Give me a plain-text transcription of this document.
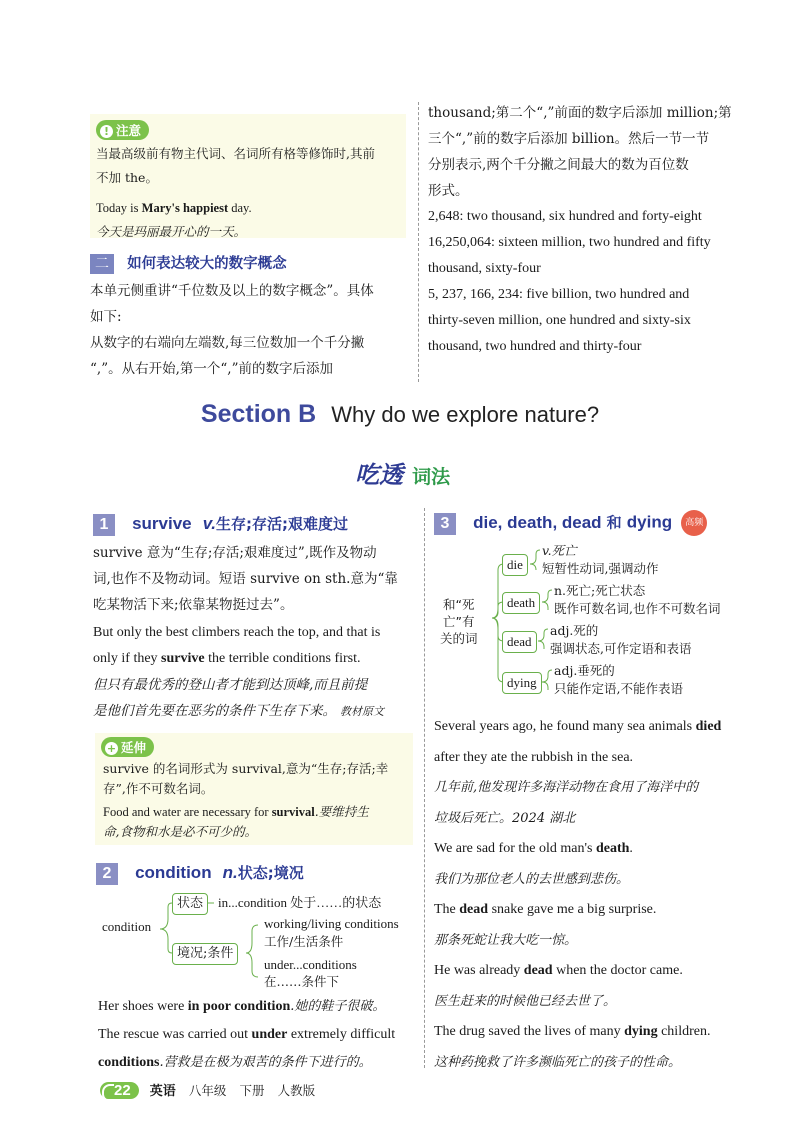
! 注意
当最高级前有物主代词、名词所有格等修饰时,其前
不加 the。
Today is Mary's happiest day.
今天是玛丽最开心的一天。
二 如何表达较大的数字概念
本单元侧重讲“千位数及以上的数字概念”。具体
如下:
从数字的右端向左端数,每三位数加一个千分撇
“,”。从右开始,第一个“,”前的数字后添加
thousand;第二个“,”前面的数字后添加 million;第
三个“,”前的数字后添加 billion。然后一节一节
分别表示,两个千分撇之间最大的数为百位数
形式。
2,648: two thousand, six hundred and forty-eight
16,250,064: sixteen million, two hundred and fifty
thousand, sixty-four
5, 237, 166, 234: five billion, two hundred and
thirty-seven million, one hundred and sixty-six
thousand, two hundred and thirty-four
Section B Why do we explore nature?
吃透 词法
1 survive v.生存;存活;艰难度过
survive 意为“生存;存活;艰难度过”,既作及物动
词,也作不及物动词。短语 survive on sth.意为“靠
吃某物活下来;依靠某物挺过去”。
But only the best climbers reach the top, and that is
only if they survive the terrible conditions first.
但只有最优秀的登山者才能到达顶峰,而且前提
是他们首先要在恶劣的条件下生存下来。 教材原文
+ 延伸
survive 的名词形式为 survival,意为“生存;存活;幸
存”,作不可数名词。
Food and water are necessary for survival.要维持生
命,食物和水是必不可少的。
2 condition n.状态;境况
condition
状态	in...condition 处于……的状态
境况;条件
working/living conditions
工作/生活条件
under...conditions
在……条件下
Her shoes were in poor condition.她的鞋子很破。
The rescue was carried out under extremely difficult
conditions.营救是在极为艰苦的条件下进行的。
3 die, death, dead 和 dying 高频
和“死
亡”有
关的词
die
v.死亡
短暂性动词,强调动作
death
n.死亡;死亡状态
既作可数名词,也作不可数名词
dead
adj.死的
强调状态,可作定语和表语
dying
adj.垂死的
只能作定语,不能作表语
Several years ago, he found many sea animals died
after they ate the rubbish in the sea.
几年前,他发现许多海洋动物在食用了海洋中的
垃圾后死亡。2024 湖北
We are sad for the old man's death.
我们为那位老人的去世感到悲伤。
The dead snake gave me a big surprise.
那条死蛇让我大吃一惊。
He was already dead when the doctor came.
医生赶来的时候他已经去世了。
The drug saved the lives of many dying children.
这种药挽救了许多濒临死亡的孩子的性命。
22 英语 八年级 下册 人教版
